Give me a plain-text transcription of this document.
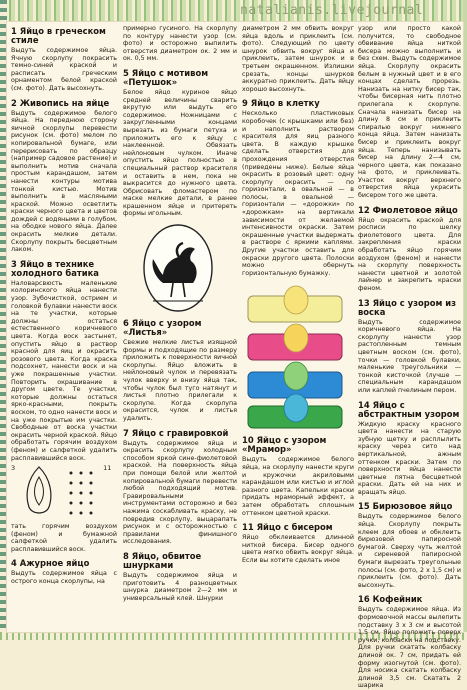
natalianis.livejournal
1 Яйцо в греческом стиле

Выдуть содержимое яйца. Ячную скорлупу покрасить темно-синей краской и расписать греческим орнаментом белой краской (см. фото). Дать высохнуть.

2 Живопись на яйце

Выдуть содержимое белого яйца. На переднюю сторону яичной скорлупы перевести рисунок (см. фото) мелом по копировальной бумаге, или перерисовать по образцу (например садовое растение) и выполнить мотив сначала простым карандашом, затем нанести контуры мотива тонкой кистью. Мотив выполнить в масляными краской. Можно осветлить краски черного цвета и цветов дождей с водяными в голубом, на ободке нового яйца. Далее окрасить мелкие детали. Скорлупу покрыть бесцветным лаком.

3 Яйцо в технике холодного батика

Наловарсвюсть маленькие колоринского яйца нанести узор. Зубочисткой, острием и головкой булавки нанести воск на те участки, которые должны остаться естественного коричневого цвета. Когда воск застынет, опустить яйцо в раствор красной для яиц и окрасить розового цвета. Когда краска подсохнет, нанести воск и на уже покрашенные участки. Повторить окрашивание в другом цвете. Те участки, которые должны остаться ярко-красными, покрыть воском, то одно нанести воск и на уже покрытые им участки. Свободные от воска участки окрасить черной краской. Яйцо обработать горячим воздухом (феном) и салфеткой удалить расплавившийся воск.

3	11

тать горячим воздухом (феном) и бумажной салфеткой удалить расплавившийся воск.

4 Ажурное яйцо

Выдуть содержимое яйца с острого конца скорлупы, на

примерно гусиного. На скорлупу по контуру нанести узор (см. фото) и осторожно выпилить отверстия диаметром ок. 2 мм и ок. 0,5 мм.

5 Яйцо с мотивом «Петушок»

Белое яйцо куриное яйцо средней величины сварить вкрутую или выдуть его содержимое. Ножницами с закругленными концами вырезать из бумаги петуха и приложить его к яйцу с наклеенной. Обвязать нейлоновым чулком. Иначе опустить яйцо полностью в специальный раствор красителя и оставить в нем, пока не выкрасится до нужного цвета. Обрисовать фломастером по маске мелкие детали, в ранее крашенном яйце и притереть формы игольным.

6 Яйцо с узором «Листья»

Свежие мелкие листья изящной формы и подходящие по размеру приложить к поверхности яичной скорлупы. Яйцо вложить в нейлоновый чулок и перевязать чулок вверху и внизу яйца так, чтобы чулок был туго натянут и листья плотно прилегали к скорлупе. Когда скорлупа окрасится, чулок и листья удалить.

7 Яйцо с гравировкой

Выдуть содержимое яйца и окрасить скорлупу холодным способом яркой сине-фиолетовой краской. На поверхность яйца при помощи белой или желтой копировальной бумаги перевести любой подходящий мотив. Гравировальными инструментами осторожно и без нажима соскабливать краску, не повредив скорлупу, выцарапать рисунок и с осторожностью с правилами финишного исследования.

8 Яйцо, обвитое шнурками

Выдуть содержимое яйца и приготовить 4 разноцветных шнурка диаметром 2—2 мм и универсальный клей. Шнурки

диаметром 2 мм обвить вокруг яйца вдоль и приклеить (см. фото). Следующий по цвету шнурок обвить вокруг яйца и приклеить, затем шнурок и в третьем окрашенном. Излишки срезать, концы шнурков аккуратно приклеить. Дать яйцу хорошо высохнуть.

9 Яйцо в клетку

Несколько пластиковых коробочек (с крышками или без) и наполнить раствором красителя для яиц разного цвета. В каждую крышке сделать отверстия для прохождения отверстия (приведены ниже). Белые яйца окрасить в розовый цвет: одну скорлупу окрасить — по горизонтали, в овальной — в полосы, в овальной — горизонтали — «дорожки» по «дорожкам» на вертикали зависимости от желаемой интенсивности окраски. Затем окрашенные участки выдержать в растворе с яркими каплями. Другие участки оставить для окраски другого цвета. Полоски можно обернуть горизонтальную бумажку.

10 Яйцо с узором «Мрамор»

Выдуть содержимое белого яйца, на скорлупу нанести круги и кружочки акриловыми карандашом или кистью и иглой разного цвета. Капельки краски придать мраморный эффект, а затем обработать сплошным оттенком цветной краски.

11 Яйцо с бисером

Яйцо обклеивается длинной ниткой бисера. Бисер одного цвета мягко обвить вокруг яйца. Если вы хотите сделать иное

узор или просто какой получится, то свободное обвивание яйца ниткой бисера можно выполнить и без схем. Выдуть содержимое яйца. Скорлупу окрасить белым в нужный цвет и в его концах сделать прорезь. Нанизать на нитку бисер так, чтобы бисерная нить плотно прилегала к скорлупе. Сначала нанизать бисер на длину 8 см и приклеить спиралью вокруг нижнего конца яйца. Затем нанизать бисер и приклеить вокруг яйца. Теперь нанизывать бисер на длину 2—4 см, черного цвета, как показано на фото, и приклеивать. Участок вокруг верхнего отверстия яйца украсить бисером того же цвета.

12 Фиолетовое яйцо

Яйцо окрасить краской для росписи по шелку фиолетового цвета. Для закрепления краски обработать яйцо горячим воздухом (феном) и нанести на скорлупу поверхность нанести цветной и золотой лайнер и закрепить краски феном.

13 Яйцо с узором из воска

Выдуть содержимое коричневого яйца. На скорлупу нанести узор растопленным темным цветным воском (см. фото), точки — головкой булавки, маленькие треугольники — тонкой кисточкой (лучше — специальным карандашом или каплей пчелиным пером.

14 Яйцо с абстрактным узором

Жидкую краску красного цвета нанести на старую зубную щетку и расплылить краску через сито над вертикальной, ажным оттенком краски. Затем по поверхности яйца нанести цветные пятна бесцветной краски. Дать ей на них и вращать яйцо.

15 Бирюзовое яйцо

Выдуть содержимое белого яйца. Скорлупу покрыть клеем для обоев и обклеить бирюзовой папиросной бумагой. Сверху чуть желтой и сиреневой папиросной бумаги вырезать треугольные полосы (см. фото, 2 х 1,5 см) и приклеить (см. фото). Дать высохнуть.

16 Кофейник

Выдуть содержимое яйца. Из формовочной массы вылепить подставку 3 х 3 см и высотой 1,5 см. Яйцо положить поверх ручки, колбаски на подставку. Для ручки скатать колбаску длиной ок. 7 см, придать ей форму изогнутой (см. фото). Для носика скатать колбаску длиной 3,5 см. Скатать 2 шарика
